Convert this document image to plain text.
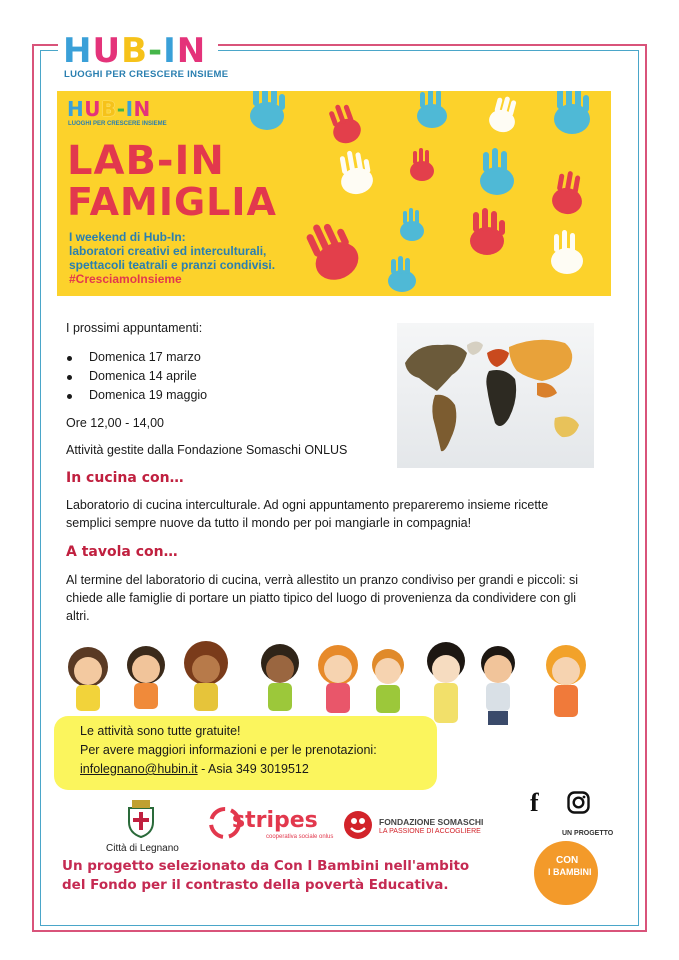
HUB-IN
LUOGHI PER CRESCERE INSIEME
HUB-IN
LUOGHI PER CRESCERE INSIEME
LAB-IN
FAMIGLIA
I weekend di Hub-In:
laboratori creativi ed interculturali,
spettacoli teatrali e pranzi condivisi.
#CresciamoInsieme
I prossimi appuntamenti:
Domenica 17 marzo
Domenica 14 aprile
Domenica 19 maggio
Ore 12,00 - 14,00
Attività gestite dalla Fondazione Somaschi ONLUS
In cucina con…
Laboratorio di cucina interculturale. Ad ogni appuntamento prepareremo insieme ricette
semplici sempre nuove da tutto il mondo per poi mangiarle in compagnia!
A tavola con…
Al termine del laboratorio di cucina, verrà allestito un pranzo condiviso per grandi e piccoli: si
chiede alle famiglie di portare un piatto tipico del luogo di provenienza da condividere con gli
altri.
Le attività sono tutte gratuite!
Per avere maggiori informazioni e per le prenotazioni:
infolegnano@hubin.it - Asia 349 3019512
f
Città di Legnano
stripes
cooperativa sociale onlus
FONDAZIONE SOMASCHI
LA PASSIONE DI ACCOGLIERE	UN PROGETTO
CON
I BAMBINI
Un progetto selezionato da Con I Bambini nell'ambito
del Fondo per il contrasto della povertà Educativa.
